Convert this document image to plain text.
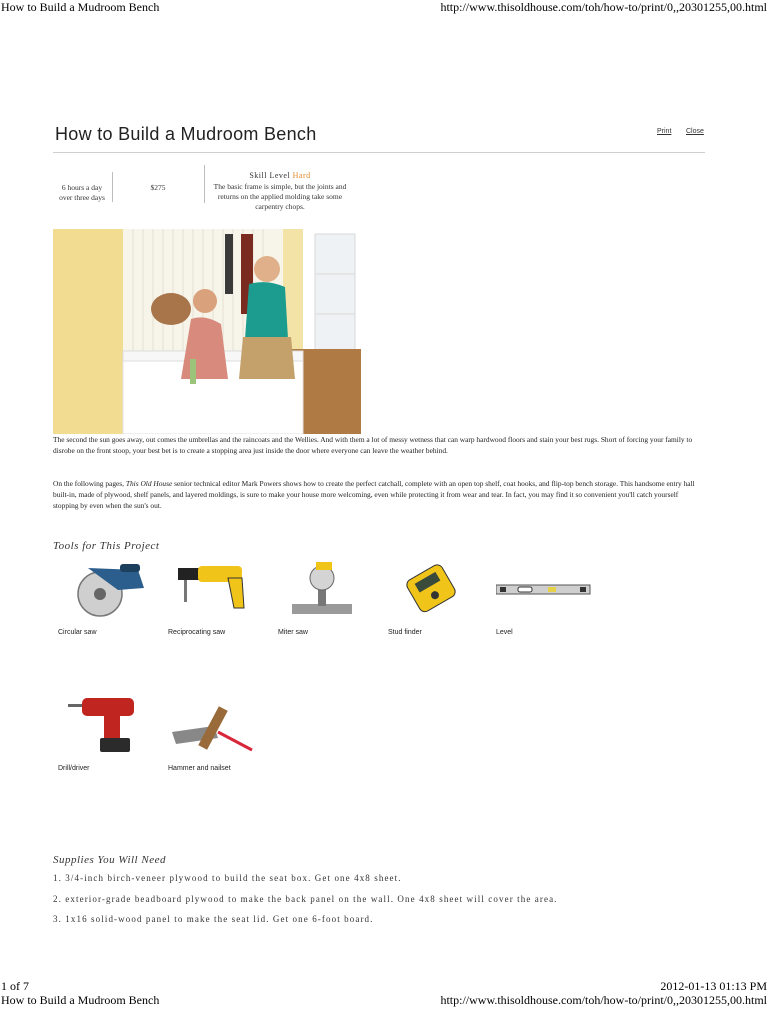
How to Build a Mudroom Bench	http://www.thisoldhouse.com/toh/how-to/print/0,,20301255,00.html
How to Build a Mudroom Bench	Print Close
6 hours a day
over three days
$275
Skill Level Hard
The basic frame is simple, but the joints and returns on the applied molding take some carpentry chops.
The second the sun goes away, out comes the umbrellas and the raincoats and the Wellies. And with them a lot of messy wetness that can warp hardwood floors and stain your best rugs. Short of forcing your family to disrobe on the front stoop, your best bet is to create a stopping area just inside the door where everyone can leave the weather behind.
On the following pages, This Old House senior technical editor Mark Powers shows how to create the perfect catchall, complete with an open top shelf, coat hooks, and flip-top bench storage. This handsome entry hall built-in, made of plywood, shelf panels, and layered moldings, is sure to make your house more welcoming, even while protecting it from wear and tear. In fact, you may find it so convenient you'll catch yourself stopping by even when the sun's out.
Tools for This Project
Circular saw	Reciprocating saw	Miter saw	Stud finder	Level
Drill/driver	Hammer and nailset
Supplies You Will Need
1. 3/4-inch birch-veneer plywood to build the seat box. Get one 4x8 sheet.
2. exterior-grade beadboard plywood to make the back panel on the wall. One 4x8 sheet will cover the area.
3. 1x16 solid-wood panel to make the seat lid. Get one 6-foot board.
1 of 7	2012-01-13 01:13 PM
How to Build a Mudroom Bench	http://www.thisoldhouse.com/toh/how-to/print/0,,20301255,00.html
